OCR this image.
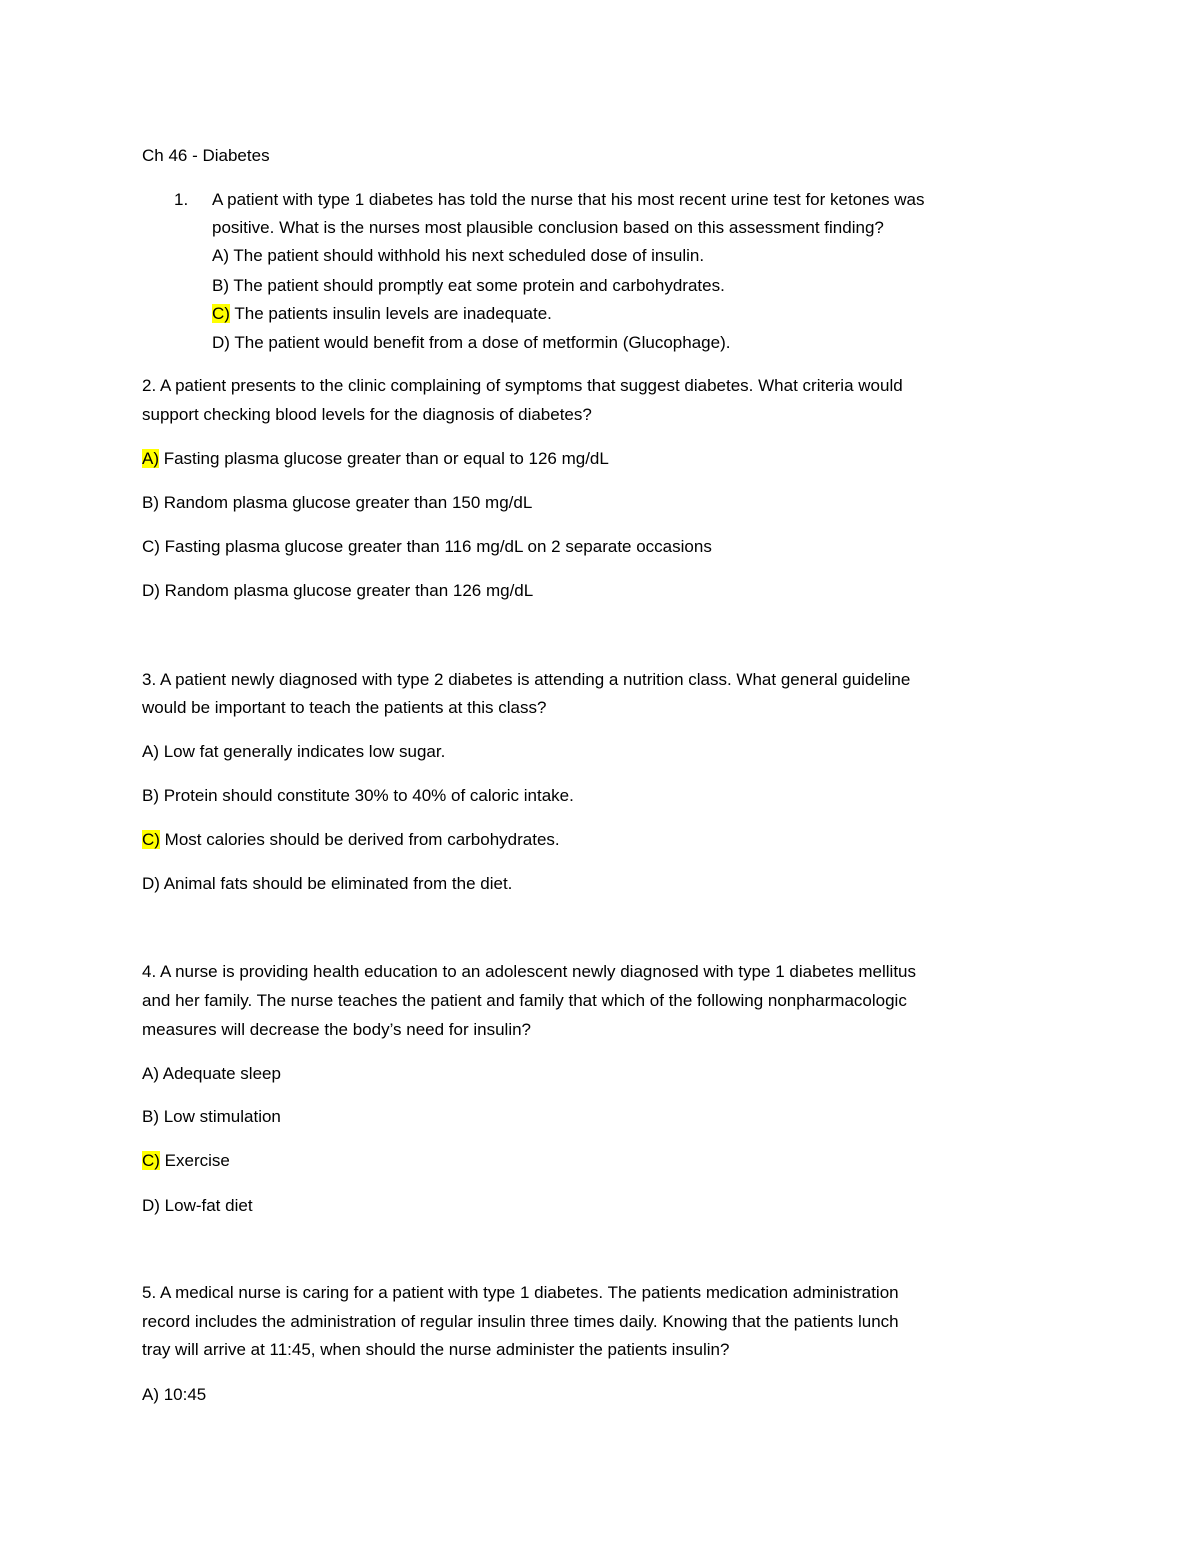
Ch 46 - Diabetes
1. A patient with type 1 diabetes has told the nurse that his most recent urine test for ketones was
positive. What is the nurses most plausible conclusion based on this assessment finding?
A) The patient should withhold his next scheduled dose of insulin.
B) The patient should promptly eat some protein and carbohydrates.
C) The patients insulin levels are inadequate.
D) The patient would benefit from a dose of metformin (Glucophage).
2. A patient presents to the clinic complaining of symptoms that suggest diabetes. What criteria would
support checking blood levels for the diagnosis of diabetes?
A) Fasting plasma glucose greater than or equal to 126 mg/dL
B) Random plasma glucose greater than 150 mg/dL
C) Fasting plasma glucose greater than 116 mg/dL on 2 separate occasions
D) Random plasma glucose greater than 126 mg/dL
3. A patient newly diagnosed with type 2 diabetes is attending a nutrition class. What general guideline
would be important to teach the patients at this class?
A) Low fat generally indicates low sugar.
B) Protein should constitute 30% to 40% of caloric intake.
C) Most calories should be derived from carbohydrates.
D) Animal fats should be eliminated from the diet.
4. A nurse is providing health education to an adolescent newly diagnosed with type 1 diabetes mellitus
and her family. The nurse teaches the patient and family that which of the following nonpharmacologic
measures will decrease the body’s need for insulin?
A) Adequate sleep
B) Low stimulation
C) Exercise
D) Low-fat diet
5. A medical nurse is caring for a patient with type 1 diabetes. The patients medication administration
record includes the administration of regular insulin three times daily. Knowing that the patients lunch
tray will arrive at 11:45, when should the nurse administer the patients insulin?
A) 10:45
